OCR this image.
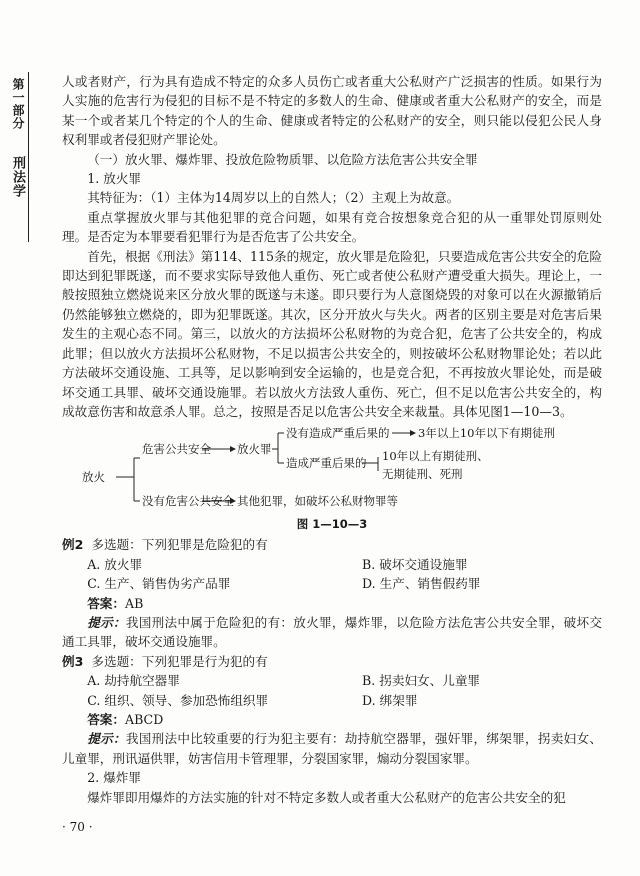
第一部分
刑法学

人或者财产，行为具有造成不特定的众多人员伤亡或者重大公私财产广泛损害的性质。如果行为人实施的危害行为侵犯的目标不是不特定的多数人的生命、健康或者重大公私财产的安全，而是某一个或者某几个特定的个人的生命、健康或者特定的公私财产的安全，则只能以侵犯公民人身权利罪或者侵犯财产罪论处。

（一）放火罪、爆炸罪、投放危险物质罪、以危险方法危害公共安全罪

1. 放火罪

其特征为：（1）主体为14周岁以上的自然人；（2）主观上为故意。

重点掌握放火罪与其他犯罪的竞合问题，如果有竞合按想象竞合犯的从一重罪处罚原则处理。是否定为本罪要看犯罪行为是否危害了公共安全。

首先，根据《刑法》第114、115条的规定，放火罪是危险犯，只要造成危害公共安全的危险即达到犯罪既遂，而不要求实际导致他人重伤、死亡或者使公私财产遭受重大损失。理论上，一般按照独立燃烧说来区分放火罪的既遂与未遂。即只要行为人意图烧毁的对象可以在火源撤销后仍然能够独立燃烧的，即为犯罪既遂。其次，区分开放火与失火。两者的区别主要是对危害后果发生的主观心态不同。第三，以放火的方法损坏公私财物的为竞合犯，危害了公共安全的，构成此罪；但以放火方法损坏公私财物，不足以损害公共安全的，则按破坏公私财物罪论处；若以此方法破坏交通设施、工具等，足以影响到安全运输的，也是竞合犯，不再按放火罪论处，而是破坏交通工具罪、破坏交通设施罪。若以放火方法致人重伤、死亡，但不足以危害公共安全的，构成故意伤害和故意杀人罪。总之，按照是否足以危害公共安全来裁量。具体见图1—10—3。

放火
危害公共安全 放火罪
没有造成严重后果的 3年以上10年以下有期徒刑
造成严重后果的 10年以上有期徒刑、
无期徒刑、死刑
没有危害公共安全 其他犯罪，如破坏公私财物罪等
图 1—10—3

例2 多选题：下列犯罪是危险犯的有

A. 放火罪	B. 破坏交通设施罪
C. 生产、销售伪劣产品罪	D. 生产、销售假药罪

答案：AB

提示：我国刑法中属于危险犯的有：放火罪，爆炸罪，以危险方法危害公共安全罪，破坏交通工具罪，破坏交通设施罪。

例3 多选题：下列犯罪是行为犯的有

A. 劫持航空器罪	B. 拐卖妇女、儿童罪
C. 组织、领导、参加恐怖组织罪	D. 绑架罪

答案：ABCD

提示：我国刑法中比较重要的行为犯主要有：劫持航空器罪，强奸罪，绑架罪，拐卖妇女、儿童罪，刑讯逼供罪，妨害信用卡管理罪，分裂国家罪，煽动分裂国家罪。

2. 爆炸罪

爆炸罪即用爆炸的方法实施的针对不特定多数人或者重大公私财产的危害公共安全的犯

· 70 ·
